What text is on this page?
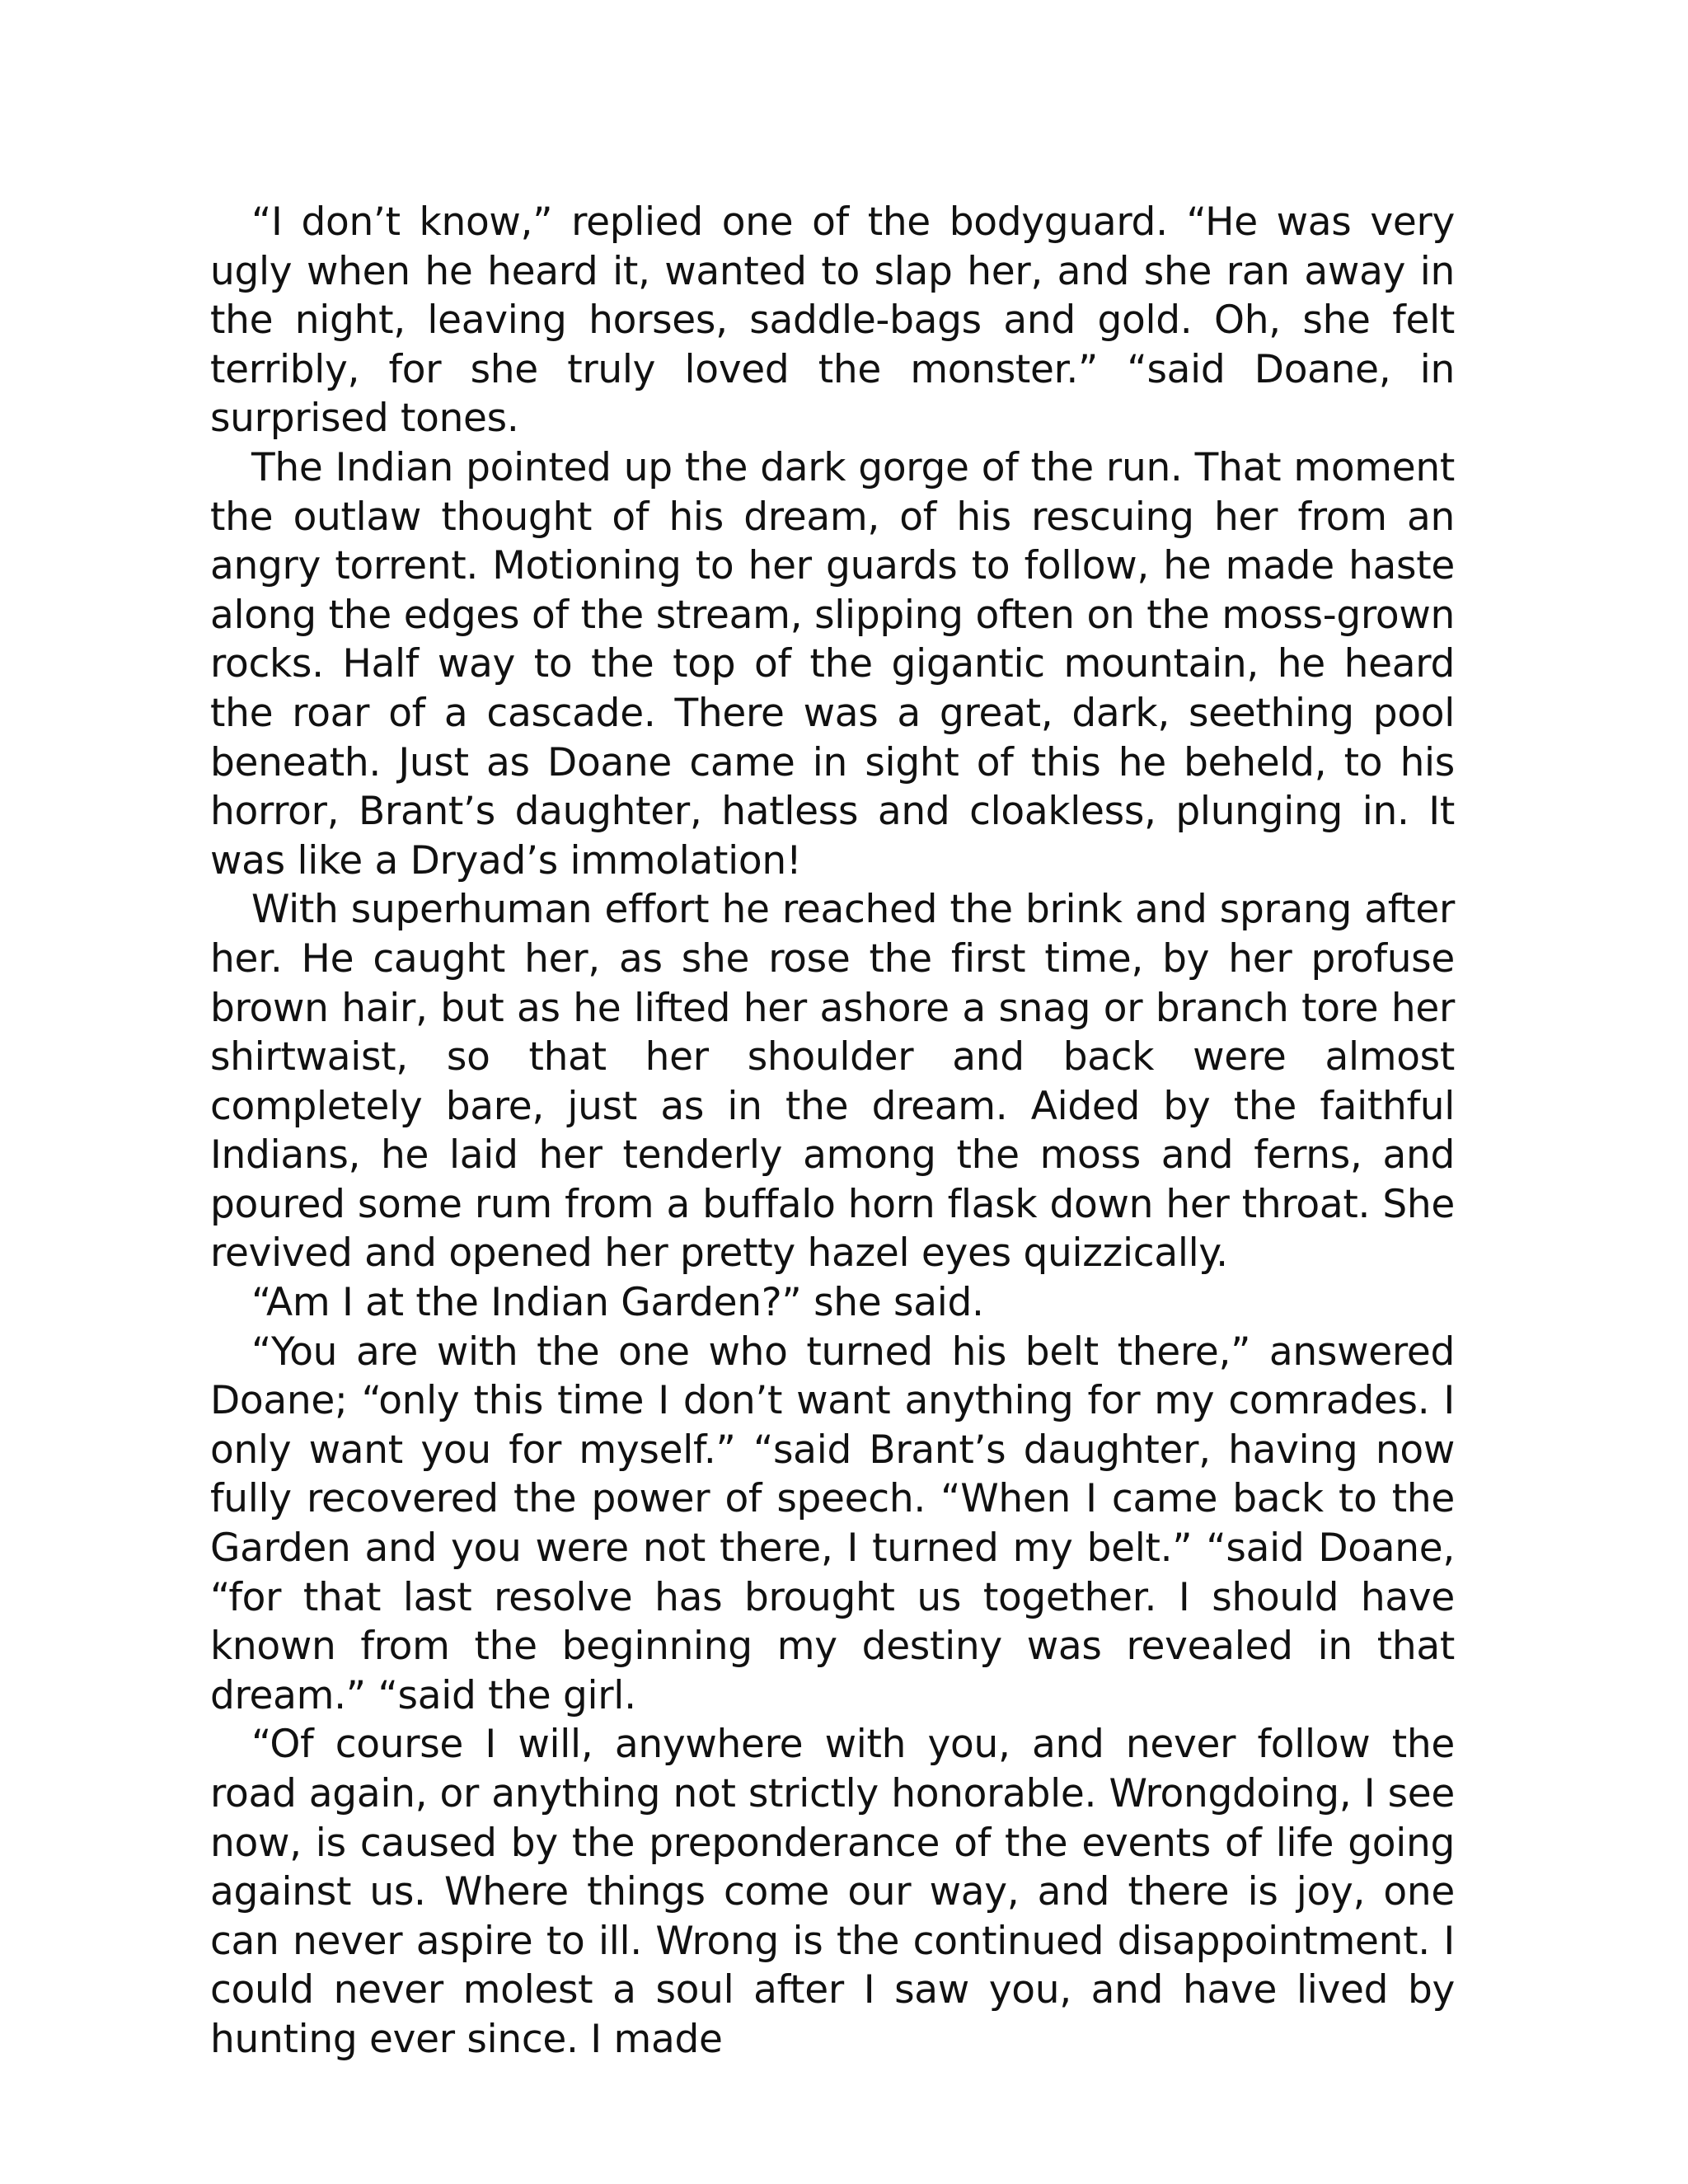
“I don’t know,” replied one of the bodyguard. “He was very ugly when he heard it, wanted to slap her, and she ran away in the night, leaving horses, saddle-bags and gold. Oh, she felt terribly, for she truly loved the monster.” “said Doane, in surprised tones.

The Indian pointed up the dark gorge of the run. That moment the outlaw thought of his dream, of his rescuing her from an angry torrent. Motioning to her guards to follow, he made haste along the edges of the stream, slipping often on the moss-grown rocks. Half way to the top of the gigantic mountain, he heard the roar of a cascade. There was a great, dark, seething pool beneath. Just as Doane came in sight of this he beheld, to his horror, Brant’s daughter, hatless and cloakless, plunging in. It was like a Dryad’s immolation!

With superhuman effort he reached the brink and sprang after her. He caught her, as she rose the first time, by her profuse brown hair, but as he lifted her ashore a snag or branch tore her shirtwaist, so that her shoulder and back were almost completely bare, just as in the dream. Aided by the faithful Indians, he laid her tenderly among the moss and ferns, and poured some rum from a buffalo horn flask down her throat. She revived and opened her pretty hazel eyes quizzically.

“Am I at the Indian Garden?” she said.

“You are with the one who turned his belt there,” answered Doane; “only this time I don’t want anything for my comrades. I only want you for myself.” “said Brant’s daughter, having now fully recovered the power of speech. “When I came back to the Garden and you were not there, I turned my belt.” “said Doane, “for that last resolve has brought us together. I should have known from the beginning my destiny was revealed in that dream.” “said the girl.

“Of course I will, anywhere with you, and never follow the road again, or anything not strictly honorable. Wrongdoing, I see now, is caused by the preponderance of the events of life going against us. Where things come our way, and there is joy, one can never aspire to ill. Wrong is the continued disappointment. I could never molest a soul after I saw you, and have lived by hunting ever since. I made
